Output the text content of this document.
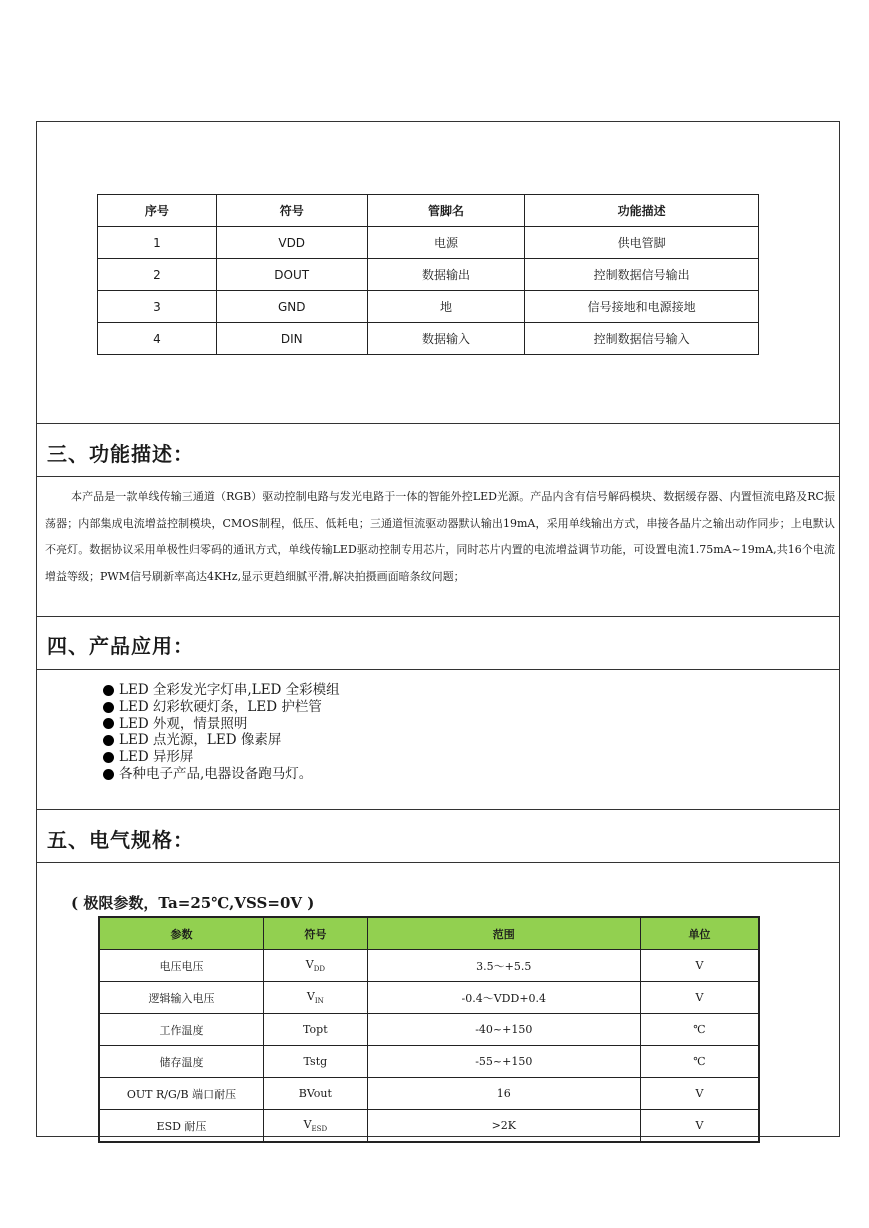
序号	符号	管脚名	功能描述
1	VDD	电源	供电管脚
2	DOUT	数据输出	控制数据信号输出
3	GND	地	信号接地和电源接地
4	DIN	数据输入	控制数据信号输入
三、功能描述：
本产品是一款单线传输三通道（RGB）驱动控制电路与发光电路于一体的智能外控LED光源。产品内含有信号解码模块、数据缓存器、内置恒流电路及RC振荡器；内部集成电流增益控制模块，CMOS制程，低压、低耗电；三通道恒流驱动器默认输出19mA，采用单线输出方式，串接各晶片之输出动作同步；上电默认不亮灯。数据协议采用单极性归零码的通讯方式，单线传输LED驱动控制专用芯片，同时芯片内置的电流增益调节功能，可设置电流1.75mA~19mA,共16个电流增益等级；PWM信号刷新率高达4KHz,显示更趋细腻平滑,解决拍摄画面暗条纹问题；
四、产品应用：
LED 全彩发光字灯串,LED 全彩模组
LED 幻彩软硬灯条，LED 护栏管
LED 外观，情景照明
LED 点光源，LED 像素屏
LED 异形屏
各种电子产品,电器设备跑马灯。
五、电气规格：
( 极限参数，Ta=25℃,VSS=0V )
参数	符号	范围	单位
电压电压	$V_{DD}$	3.5～+5.5	V
逻辑输入电压	$V_{IN}$	-0.4～VDD+0.4	V
工作温度	Topt	-40~+150	℃
储存温度	Tstg	-55~+150	℃
OUT R/G/B 端口耐压	BVout	16	V
ESD 耐压	$V_{ESD}$	>2K	V
